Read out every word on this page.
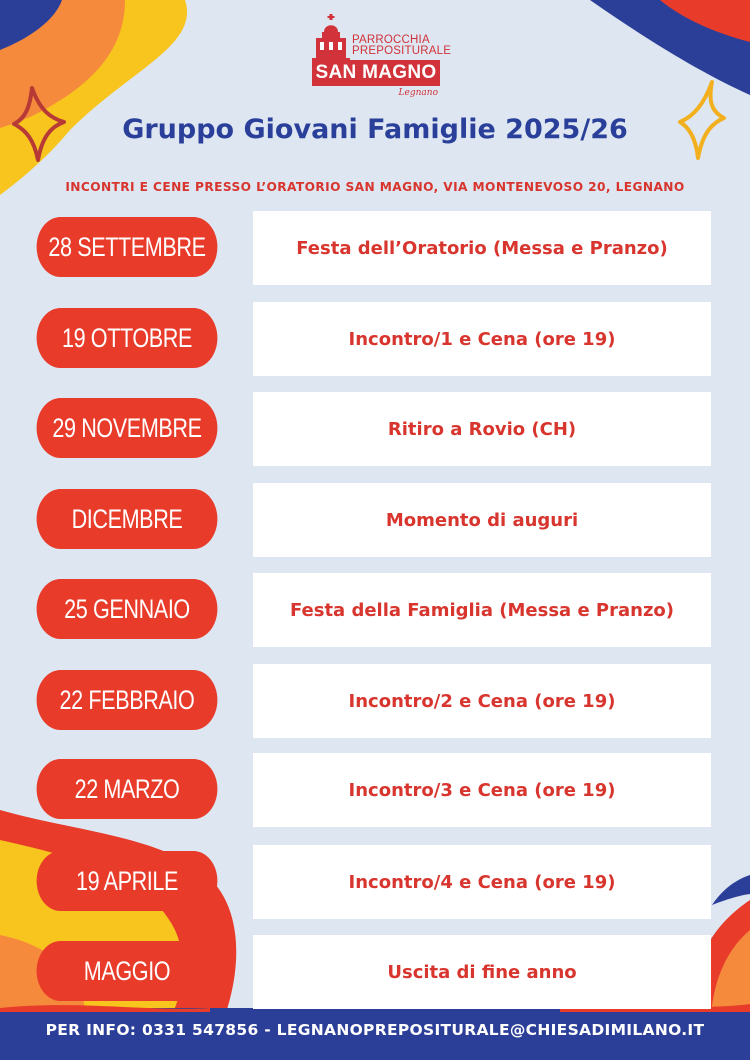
PARROCCHIA
PREPOSITURALE
SAN MAGNO
Legnano
Gruppo Giovani Famiglie 2025/26
INCONTRI E CENE PRESSO L’ORATORIO SAN MAGNO, VIA MONTENEVOSO 20, LEGNANO
28 SETTEMBRE	Festa dell’Oratorio (Messa e Pranzo)
19 OTTOBRE	Incontro/1 e Cena (ore 19)
29 NOVEMBRE	Ritiro a Rovio (CH)
DICEMBRE	Momento di auguri
25 GENNAIO	Festa della Famiglia (Messa e Pranzo)
22 FEBBRAIO	Incontro/2 e Cena (ore 19)
22 MARZO	Incontro/3 e Cena (ore 19)
19 APRILE	Incontro/4 e Cena (ore 19)
MAGGIO	Uscita di fine anno
PER INFO: 0331 547856 - LEGNANOPREPOSITURALE@CHIESADIMILANO.IT
